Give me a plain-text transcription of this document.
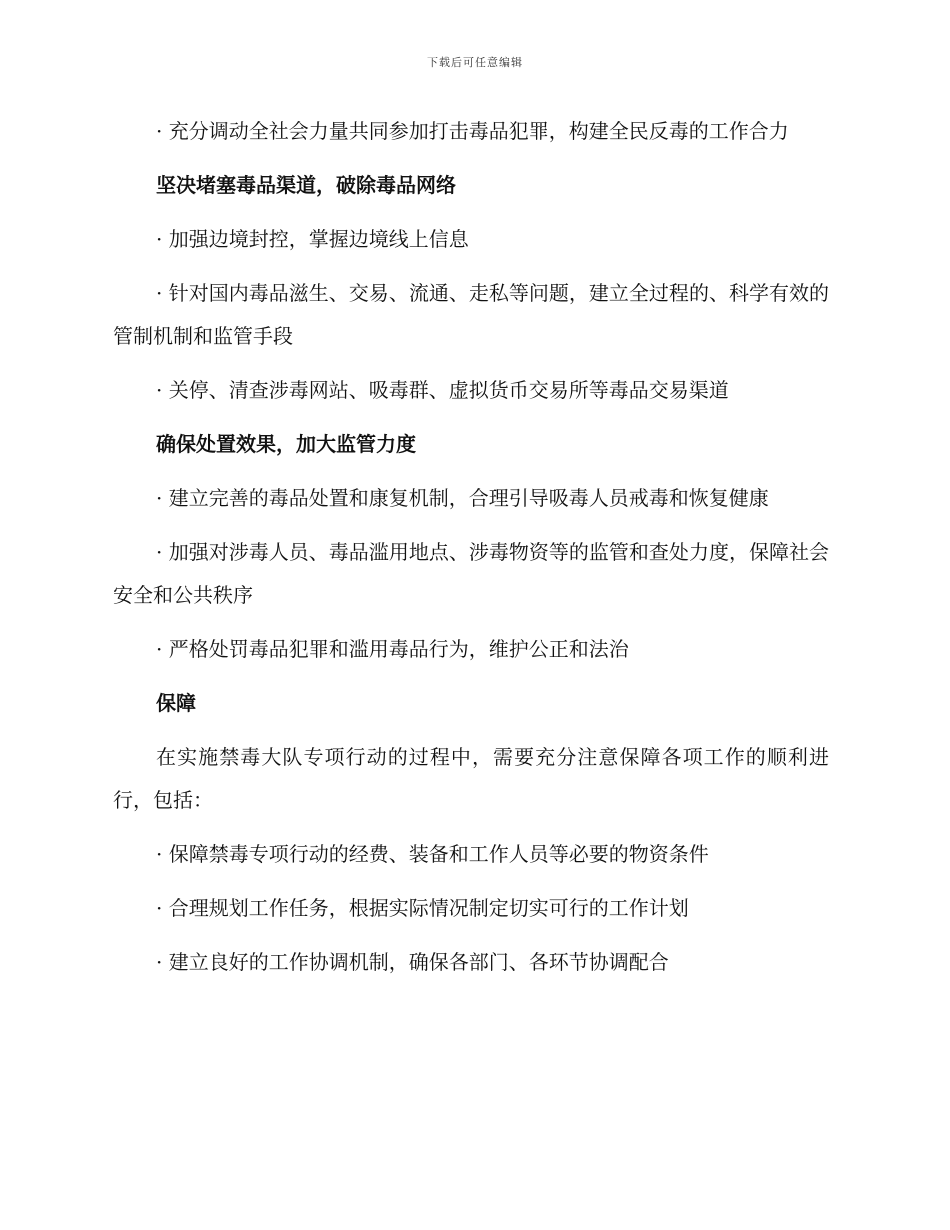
下载后可任意编辑

· 充分调动全社会力量共同参加打击毒品犯罪，构建全民反毒的工作合力

坚决堵塞毒品渠道，破除毒品网络

· 加强边境封控，掌握边境线上信息

· 针对国内毒品滋生、交易、流通、走私等问题，建立全过程的、科学有效的管制机制和监管手段

· 关停、清查涉毒网站、吸毒群、虚拟货币交易所等毒品交易渠道

确保处置效果，加大监管力度

· 建立完善的毒品处置和康复机制，合理引导吸毒人员戒毒和恢复健康

· 加强对涉毒人员、毒品滥用地点、涉毒物资等的监管和查处力度，保障社会安全和公共秩序

· 严格处罚毒品犯罪和滥用毒品行为，维护公正和法治

保障

在实施禁毒大队专项行动的过程中，需要充分注意保障各项工作的顺利进行，包括：

· 保障禁毒专项行动的经费、装备和工作人员等必要的物资条件

· 合理规划工作任务，根据实际情况制定切实可行的工作计划

· 建立良好的工作协调机制，确保各部门、各环节协调配合
